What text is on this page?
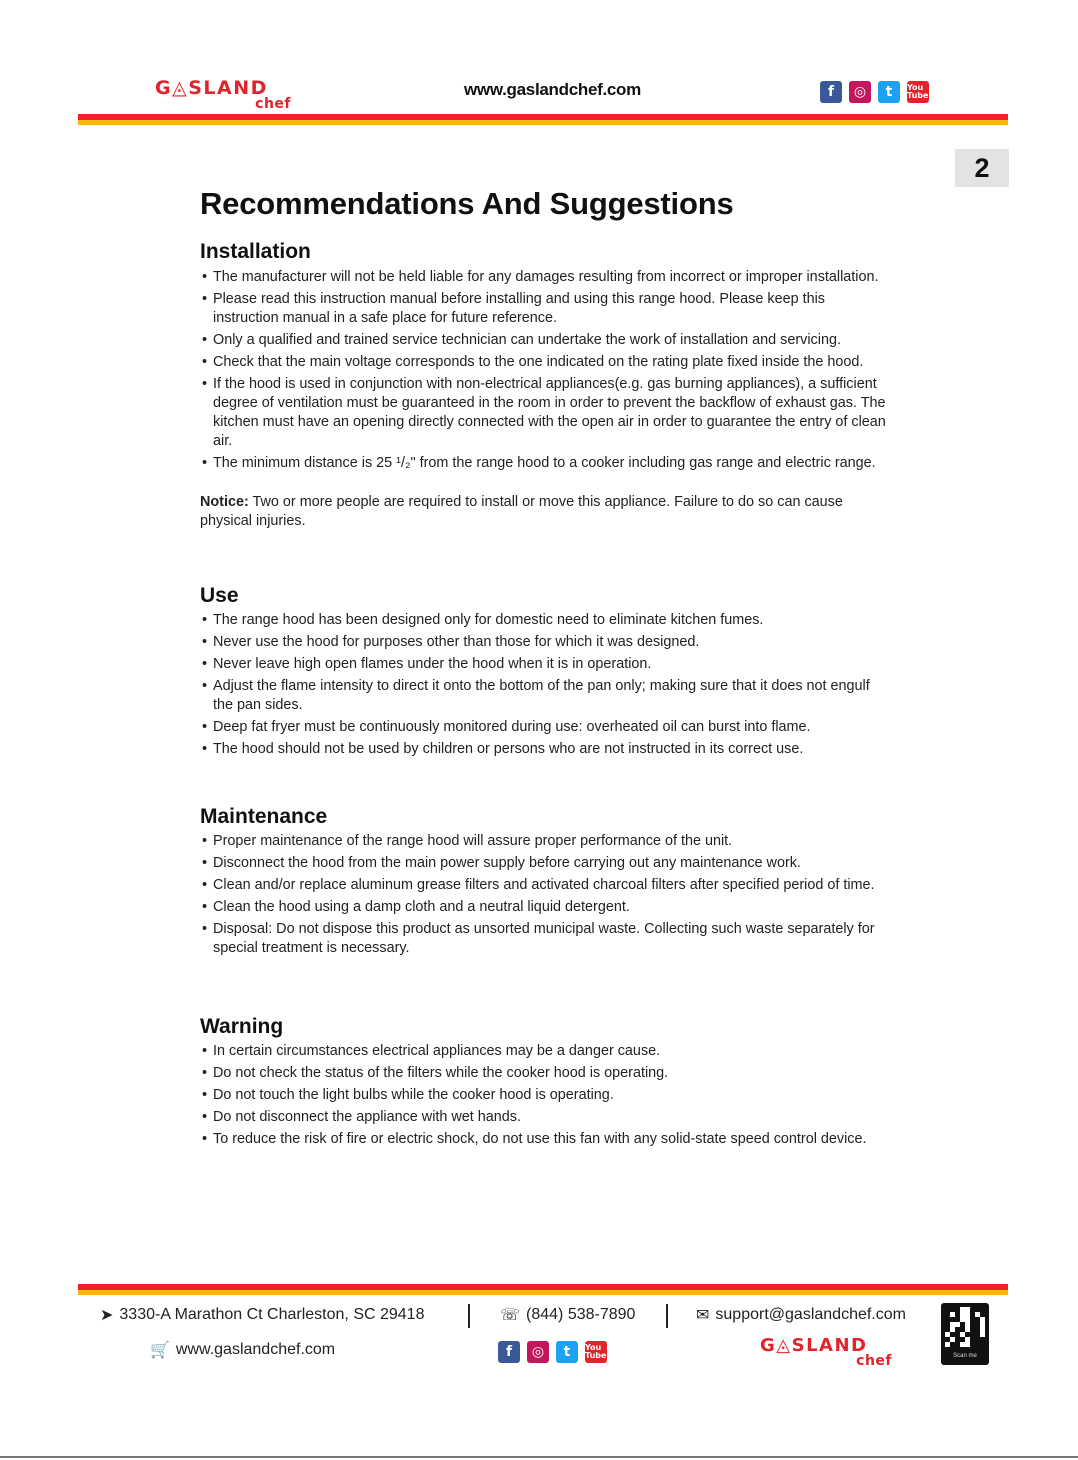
G◬SLAND
chef
www.gaslandchef.com	f	◎	t	You Tube
2
Recommendations And Suggestions
Installation
• The manufacturer will not be held liable for any damages resulting from incorrect or improper installation.
• Please read this instruction manual before installing and using this range hood. Please keep this instruction manual in a safe place for future reference.
• Only a qualified and trained service technician can undertake the work of installation and servicing.
• Check that the main voltage corresponds to the one indicated on the rating plate fixed inside the hood.
• If the hood is used in conjunction with non-electrical appliances(e.g. gas burning appliances), a sufficient degree of ventilation must be guaranteed in the room in order to prevent the backflow of exhaust gas. The kitchen must have an opening directly connected with the open air in order to guarantee the entry of clean air.
• The minimum distance is 25 ¹/₂" from the range hood to a cooker including gas range and electric range.

Notice: Two or more people are required to install or move this appliance. Failure to do so can cause physical injuries.

Use
• The range hood has been designed only for domestic need to eliminate kitchen fumes.
• Never use the hood for purposes other than those for which it was designed.
• Never leave high open flames under the hood when it is in operation.
• Adjust the flame intensity to direct it onto the bottom of the pan only; making sure that it does not engulf the pan sides.
• Deep fat fryer must be continuously monitored during use: overheated oil can burst into flame.
• The hood should not be used by children or persons who are not instructed in its correct use.
Maintenance
• Proper maintenance of the range hood will assure proper performance of the unit.
• Disconnect the hood from the main power supply before carrying out any maintenance work.
• Clean and/or replace aluminum grease filters and activated charcoal filters after specified period of time.
• Clean the hood using a damp cloth and a neutral liquid detergent.
• Disposal: Do not dispose this product as unsorted municipal waste. Collecting such waste separately for special treatment is necessary.
Warning
• In certain circumstances electrical appliances may be a danger cause.
• Do not check the status of the filters while the cooker hood is operating.
• Do not touch the light bulbs while the cooker hood is operating.
• Do not disconnect the appliance with wet hands.
• To reduce the risk of fire or electric shock, do not use this fan with any solid-state speed control device.
➤ 3330-A Marathon Ct Charleston, SC 29418	☏ (844) 538-7890	✉ support@gaslandchef.com
🛒 www.gaslandchef.com	f	◎	t	You Tube	G◬SLAND
chef	Scan me
